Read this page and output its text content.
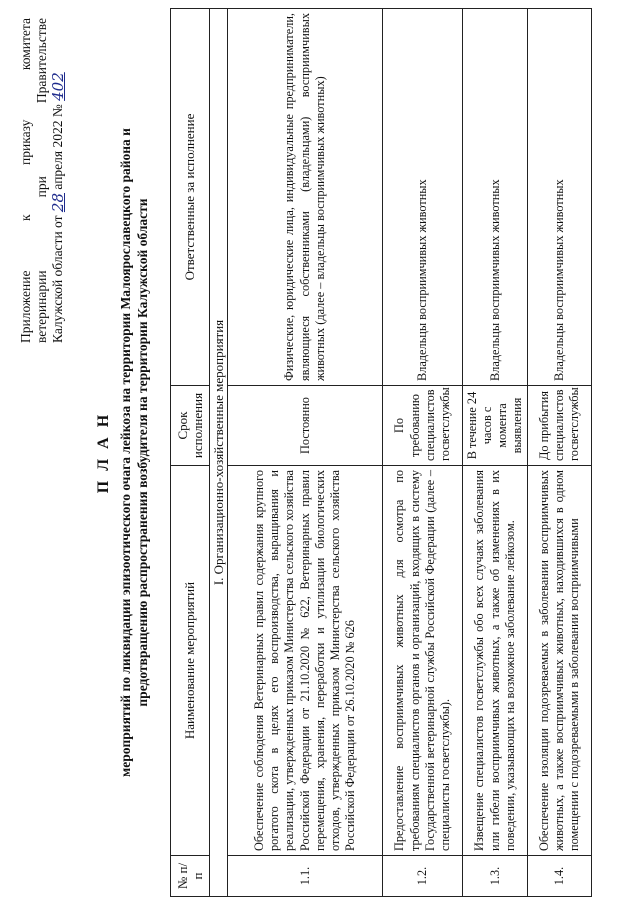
Приложение
к
приказу
комитета
ветеринарии
при
Правительстве
Калужской области от

28

апреля 2022 №

402
П Л А Н мероприятий по ликвидации эпизоотического очага лейкоза на территории Малоярославецкого района и предотвращению распространения возбудителя на территории Калужской области
№ п/п	Наименование мероприятий	Срок исполнения	Ответственные за исполнение
I. Организационно-хозяйственные мероприятия			
1.1.	Обеспечение соблюдения Ветеринарных правил содержания крупного рогатого скота в целях его воспроизводства, выращивания и реализации, утвержденных приказом Министерства сельского хозяйства Российской Федерации от 21.10.2020 № 622, Ветеринарных правил перемещения, хранения, переработки и утилизации биологических отходов, утвержденных приказом Министерства сельского хозяйства Российской Федерации от 26.10.2020 № 626	Постоянно	Физические, юридические лица, индивидуальные предприниматели, являющиеся собственниками (владельцами) восприимчивых животных (далее – владельцы восприимчивых животных)
1.2.	Предоставление восприимчивых животных для осмотра по требованиям специалистов органов и организаций, входящих в систему Государственной ветеринарной службы Российской Федерации (далее – специалисты госветслужбы).	По требованию специалистов госветслужбы	Владельцы восприимчивых животных
1.3.	Извещение специалистов госветслужбы обо всех случаях заболевания или гибели восприимчивых животных, а также об изменениях в их поведении, указывающих на возможное заболевание лейкозом.	В течение 24 часов с момента выявления	Владельцы восприимчивых животных
1.4.	Обеспечение изоляции подозреваемых в заболевании восприимчивых животных, а также восприимчивых животных, находившихся в одном помещении с подозреваемыми в заболевании восприимчивыми	До прибытия специалистов госветслужбы	Владельцы восприимчивых животных
